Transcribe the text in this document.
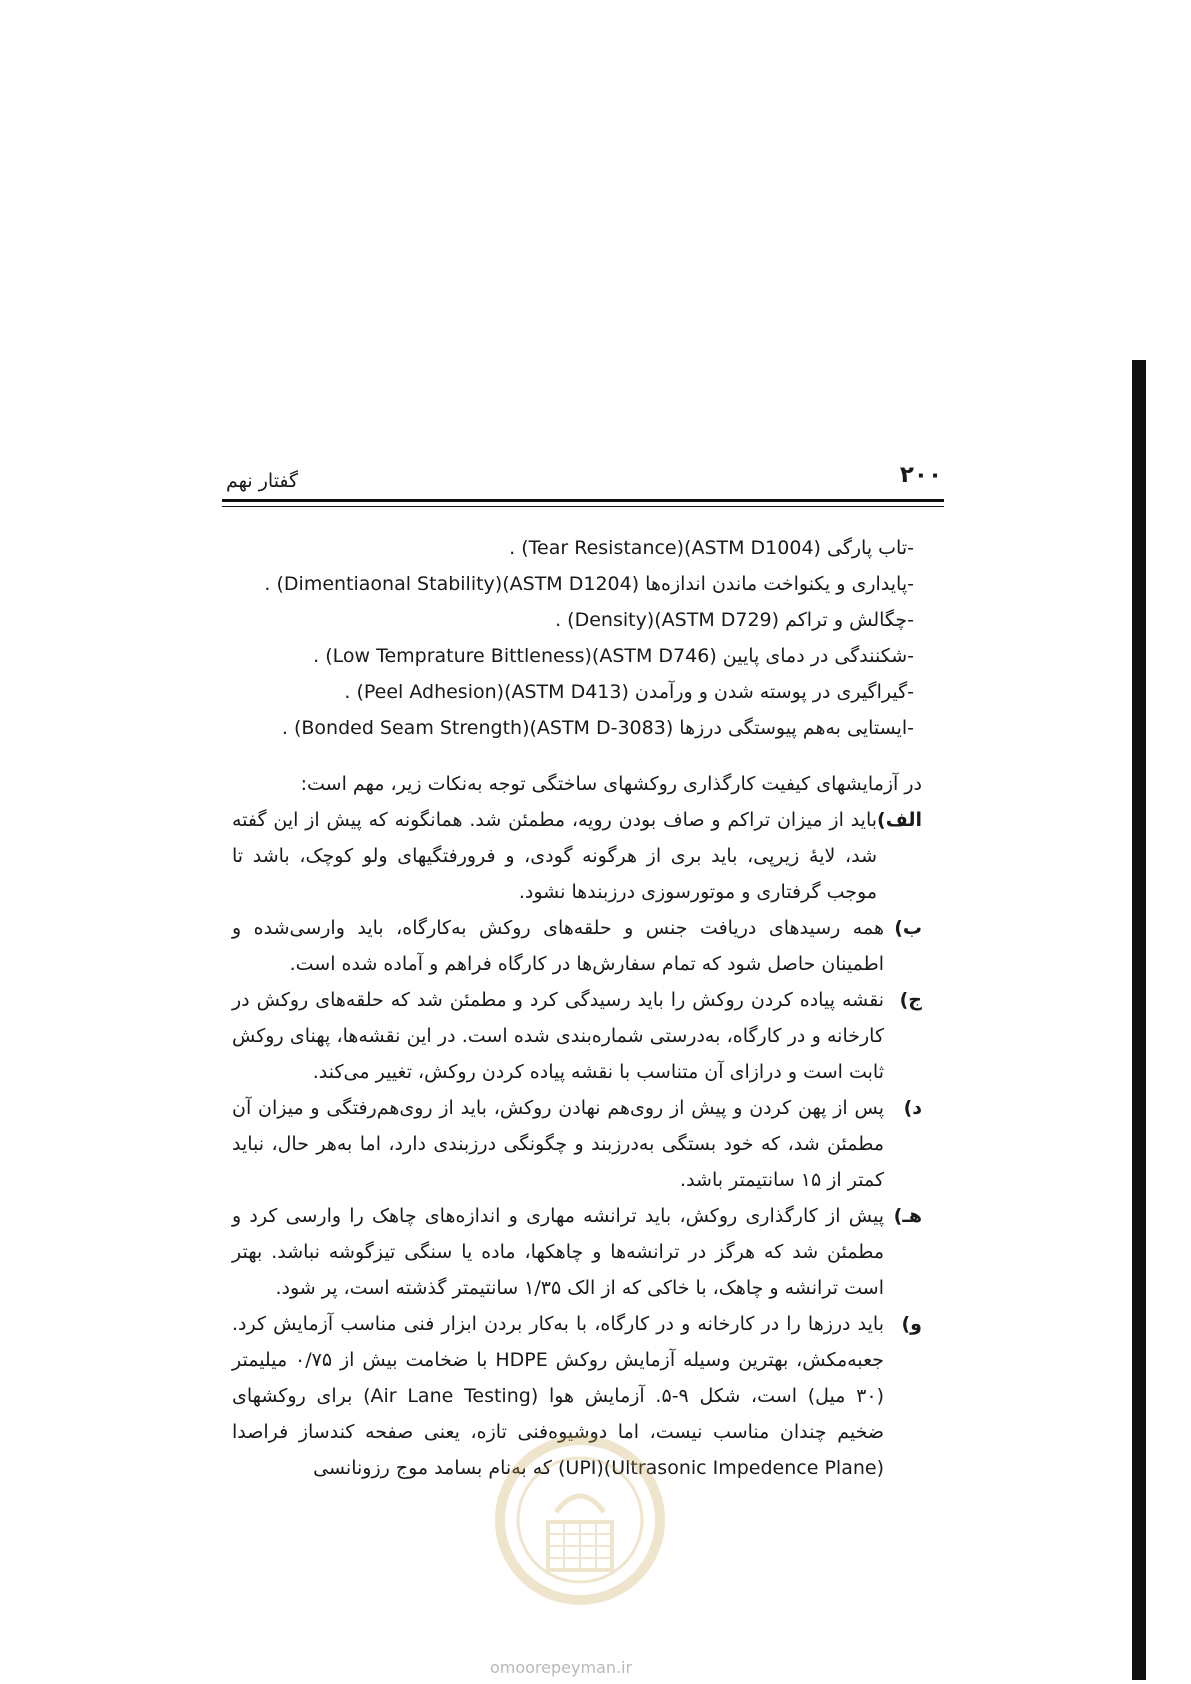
۲۰۰
گفتار نهم
-تاب پارگی (ASTM D1004)(Tear Resistance) .
-پایداری و یکنواخت ماندن اندازه‌ها (ASTM D1204)(Dimentiaonal Stability) .
-چگالش و تراکم (ASTM D729)(Density) .
-شکنندگی در دمای پایین (ASTM D746)(Low Temprature Bittleness) .
-گیراگیری در پوسته شدن و ورآمدن (ASTM D413)(Peel Adhesion) .
-ایستایی به‌هم پیوستگی درزها (ASTM D-3083)(Bonded Seam Strength) .

در آزمایشهای کیفیت کارگذاری روکشهای ساختگی توجه به‌نکات زیر، مهم است:

الف)
باید از میزان تراکم و صاف بودن رویه، مطمئن شد. همانگونه که پیش از این گفته شد، لایهٔ زیرپی، باید بری از هرگونه گودی، و فرورفتگیهای ولو کوچک، باشد تا موجب گرفتاری و موتورسوزی درزبندها نشود.
ب)
همه رسیدهای دریافت جنس و حلقه‌های روکش به‌کارگاه، باید وارسی‌شده و اطمینان حاصل شود که تمام سفارش‌ها در کارگاه فراهم و آماده شده است.
ج)
نقشه پیاده کردن روکش را باید رسیدگی کرد و مطمئن شد که حلقه‌های روکش در کارخانه و در کارگاه، به‌درستی شماره‌بندی شده است. در این نقشه‌ها، پهنای روکش ثابت است و درازای آن متناسب با نقشه پیاده کردن روکش، تغییر می‌کند.
د)
پس از پهن کردن و پیش از روی‌هم نهادن روکش، باید از روی‌هم‌رفتگی و میزان آن مطمئن شد، که خود بستگی به‌درزبند و چگونگی درزبندی دارد، اما به‌هر حال، نباید کمتر از ۱۵ سانتیمتر باشد.
هـ)
پیش از کارگذاری روکش، باید ترانشه مهاری و اندازه‌های چاهک را وارسی کرد و مطمئن شد که هرگز در ترانشه‌ها و چاهکها، ماده یا سنگی تیزگوشه نباشد. بهتر است ترانشه و چاهک، با خاکی که از الک ۱/۳۵ سانتیمتر گذشته است، پر شود.
و)
باید درزها را در کارخانه و در کارگاه، با به‌کار بردن ابزار فنی مناسب آزمایش کرد. جعبه‌مکش، بهترین وسیله آزمایش روکش HDPE با ضخامت بیش از ۰/۷۵ میلیمتر (۳۰ میل) است، شکل ۹-۵. آزمایش هوا (Air Lane Testing) برای روکشهای ضخیم چندان مناسب نیست، اما دوشیوه‌فنی تازه، یعنی صفحه کندساز فراصدا (Ultrasonic Impedence Plane)(UPI) که به‌نام بسامد موج رزونانسی
omoorepeyman.ir
